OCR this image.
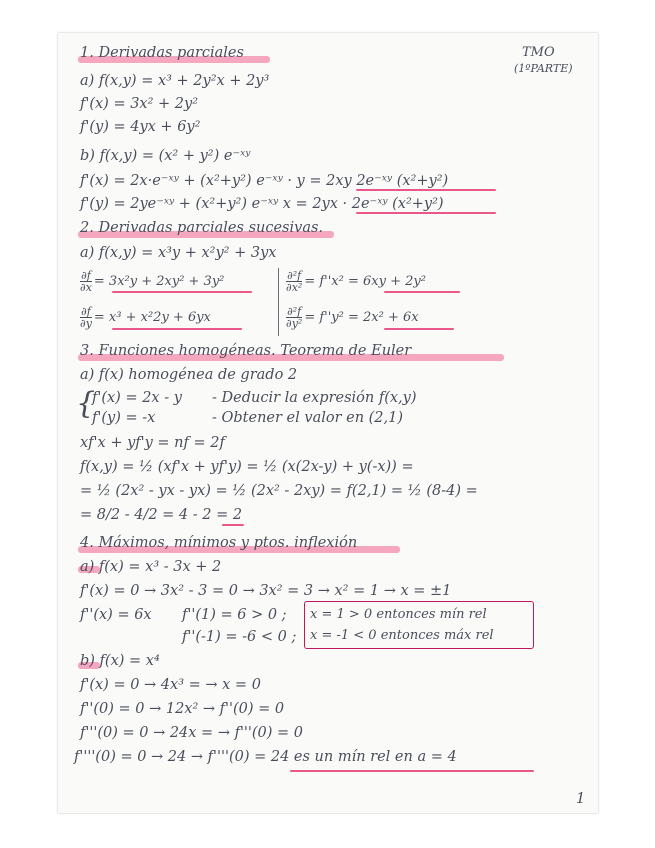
TMO
(1ºPARTE)
1. Derivadas parciales
a) f(x,y) = x³ + 2y²x + 2y³
f'(x) = 3x² + 2y²
f'(y) = 4yx + 6y²
b) f(x,y) = (x² + y²) e⁻ˣʸ
f'(x) = 2x·e⁻ˣʸ + (x²+y²) e⁻ˣʸ · y = 2xy 2e⁻ˣʸ (x²+y²)
f'(y) = 2ye⁻ˣʸ + (x²+y²) e⁻ˣʸ x = 2yx · 2e⁻ˣʸ (x²+y²)
2. Derivadas parciales sucesivas.
a) f(x,y) = x³y + x²y² + 3yx
$\frac{\partial f}{\partial x} = 3x^2y + 2xy^2 + 3y^2$
$\frac{\partial f}{\partial y} = x^3 + x^22y + 6yx$
$\frac{\text{∂²f}}{\text{∂x²}} = f''x^2 = 6xy + 2y^2$
$\frac{\text{∂²f}}{\text{∂y²}} = f''y^2 = 2x^2 + 6x$
3. Funciones homogéneas. Teorema de Euler
a) f(x) homogénea de grado 2
{
f'(x) = 2x - y - Deducir la expresión f(x,y)
f'(y) = -x	- Obtener el valor en (2,1)
xf'x + yf'y = nf = 2f
f(x,y) = ½ (xf'x + yf'y) = ½ (x(2x-y) + y(-x)) =
= ½ (2x² - yx - yx) = ½ (2x² - 2xy) = f(2,1) = ½ (8-4) =
= 8/2 - 4/2 = 4 - 2 = 2
4. Máximos, mínimos y ptos. inflexión
a) f(x) = x³ - 3x + 2
f'(x) = 0 → 3x² - 3 = 0 → 3x² = 3 → x² = 1 → x = ±1
f''(x) = 6x f''(1) = 6 > 0 ;
f''(-1) = -6 < 0 ;
x = 1 > 0 entonces mín rel
x = -1 < 0 entonces máx rel
b) f(x) = x⁴
f'(x) = 0 → 4x³ = → x = 0
f''(0) = 0 → 12x² → f''(0) = 0
f'''(0) = 0 → 24x = → f'''(0) = 0
f''''(0) = 0 → 24 → f''''(0) = 24 es un mín rel en a = 4
1
